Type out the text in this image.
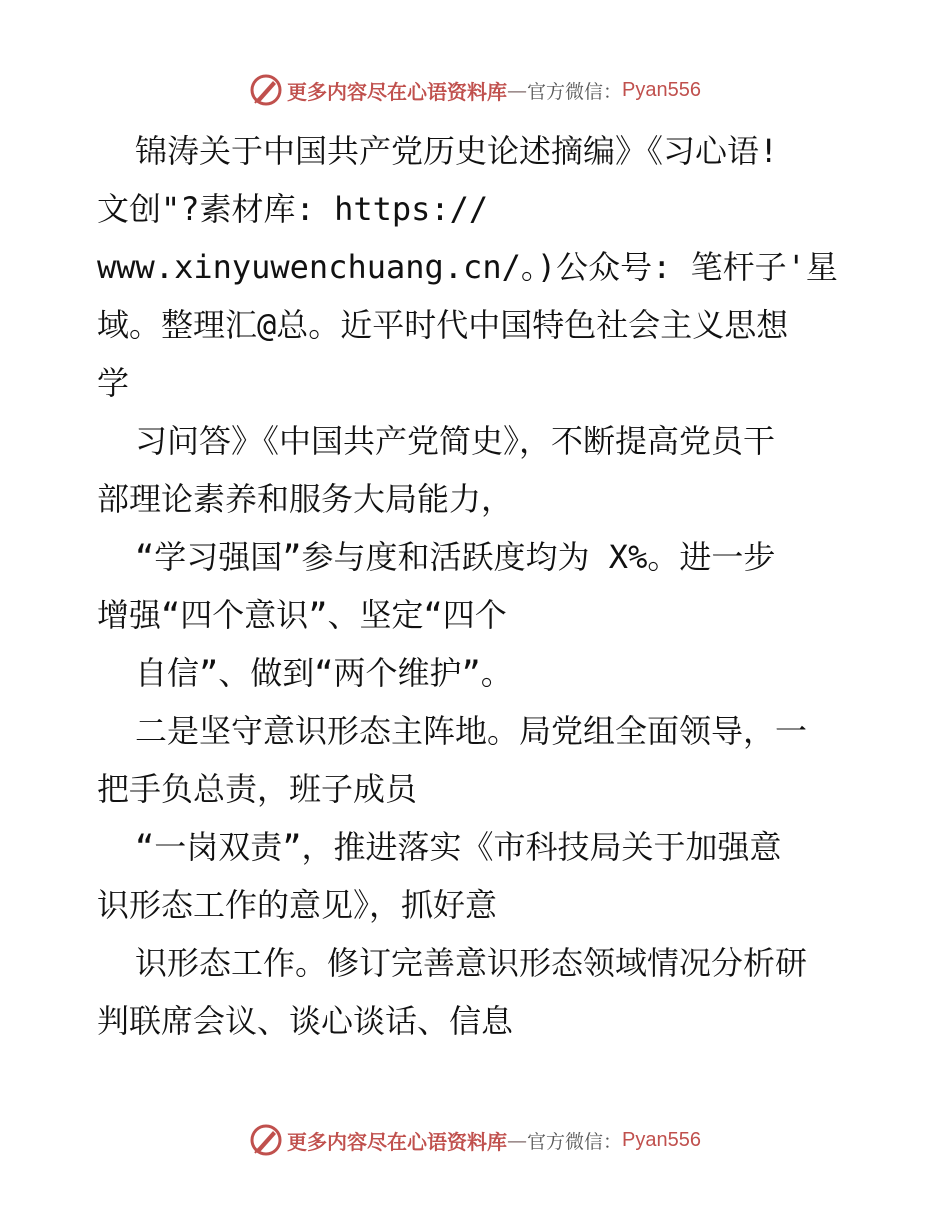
更多内容尽在心语资料库 — 官方微信： Pyan556
锦涛关于中国共产党历史论述摘编》《习心语!
文创"?素材库: https://
www.xinyuwenchuang.cn/。)公众号: 笔杆子'星
域。整理汇@总。近平时代中国特色社会主义思想
学
习问答》《中国共产党简史》，不断提高党员干
部理论素养和服务大局能力，
“学习强国”参与度和活跃度均为 X%。进一步
增强“四个意识”、坚定“四个
自信”、做到“两个维护”。
二是坚守意识形态主阵地。局党组全面领导，一
把手负总责，班子成员
“一岗双责”，推进落实《市科技局关于加强意
识形态工作的意见》，抓好意
识形态工作。修订完善意识形态领域情况分析研
判联席会议、谈心谈话、信息
更多内容尽在心语资料库 — 官方微信： Pyan556
